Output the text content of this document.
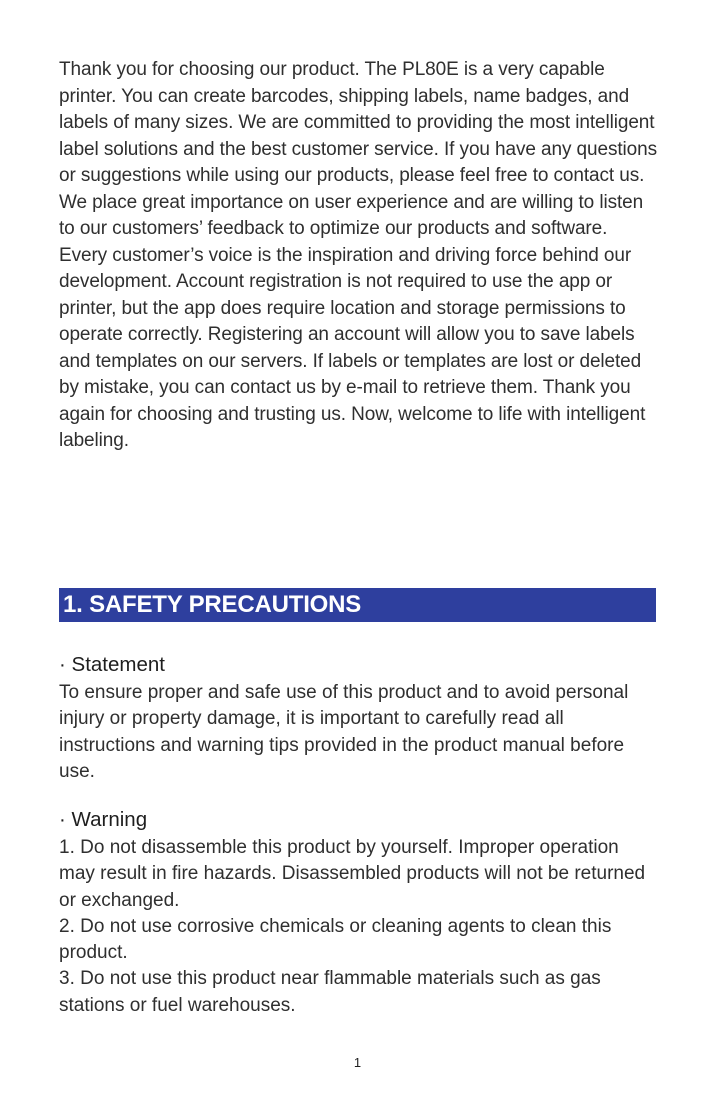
Thank you for choosing our product. The PL80E is a very capable printer. You can create barcodes, shipping labels, name badges, and labels of many sizes. We are committed to providing the most intelligent label solutions and the best customer service. If you have any questions or suggestions while using our products, please feel free to contact us. We place great importance on user experience and are willing to listen to our customers’ feedback to optimize our products and software. Every customer’s voice is the inspiration and driving force behind our development. Account registration is not required to use the app or printer, but the app does require location and storage permissions to operate correctly. Registering an account will allow you to save labels and templates on our servers. If labels or templates are lost or deleted by mistake, you can contact us by e-mail to retrieve them. Thank you again for choosing and trusting us. Now, welcome to life with intelligent labeling.

1. SAFETY PRECAUTIONS

· Statement

To ensure proper and safe use of this product and to avoid personal injury or property damage, it is important to carefully read all instructions and warning tips provided in the product manual before use.

· Warning

1. Do not disassemble this product by yourself. Improper operation may result in fire hazards. Disassembled products will not be returned or exchanged.
2. Do not use corrosive chemicals or cleaning agents to clean this product.
3. Do not use this product near flammable materials such as gas stations or fuel warehouses.
1
